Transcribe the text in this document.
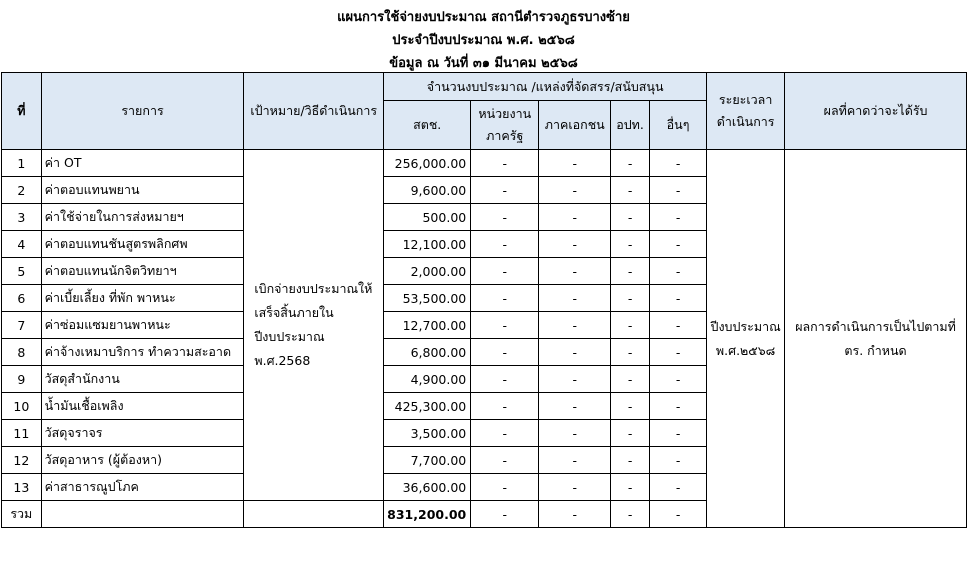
แผนการใช้จ่ายงบประมาณ สถานีตำรวจภูธรบางซ้าย
ประจำปีงบประมาณ พ.ศ. ๒๕๖๘
ข้อมูล ณ วันที่ ๓๑ มีนาคม ๒๕๖๘
ที่	รายการ	เป้าหมาย/วิธีดำเนินการ	จำนวนงบประมาณ /แหล่งที่จัดสรร/สนับสนุน					ระยะเวลาดำเนินการ	ผลที่คาดว่าจะได้รับ
			สตช.	หน่วยงานภาครัฐ	ภาคเอกชน	อปท.	อื่นๆ		
1	ค่า OT	เบิกจ่ายงบประมาณให้เสร็จสิ้นภายในปีงบประมาณ พ.ศ.2568	256,000.00	-	-	-	-	ปีงบประมาณ พ.ศ.๒๕๖๘	ผลการดำเนินการเป็นไปตามที่ ตร. กำหนด
2	ค่าตอบแทนพยาน		9,600.00	-	-	-	-		
3	ค่าใช้จ่ายในการส่งหมายฯ		500.00	-	-	-	-		
4	ค่าตอบแทนชันสูตรพลิกศพ		12,100.00	-	-	-	-		
5	ค่าตอบแทนนักจิตวิทยาฯ		2,000.00	-	-	-	-		
6	ค่าเบี้ยเลี้ยง ที่พัก พาหนะ		53,500.00	-	-	-	-		
7	ค่าซ่อมแซมยานพาหนะ		12,700.00	-	-	-	-		
8	ค่าจ้างเหมาบริการ ทำความสะอาด		6,800.00	-	-	-	-		
9	วัสดุสำนักงาน		4,900.00	-	-	-	-		
10	น้ำมันเชื้อเพลิง		425,300.00	-	-	-	-		
11	วัสดุจราจร		3,500.00	-	-	-	-		
12	วัสดุอาหาร (ผู้ต้องหา)		7,700.00	-	-	-	-		
13	ค่าสาธารณูปโภค		36,600.00	-	-	-	-		
รวม			831,200.00	-	-	-	-		
